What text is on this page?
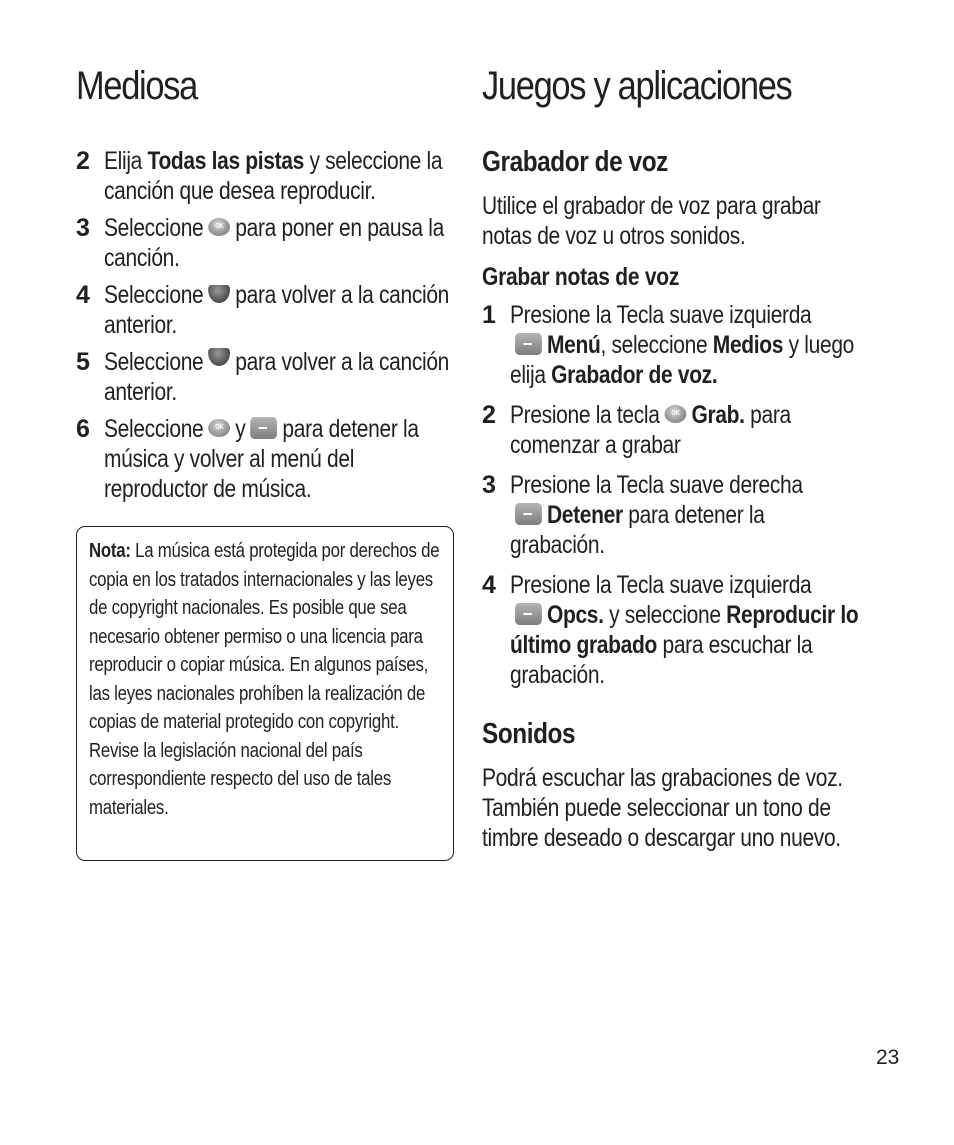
Mediosa	Juegos y aplicaciones
2 Elija Todas las pistas y seleccione la canción que desea reproducir.
3 Seleccione OK para poner en pausa la canción.
4 Seleccione para volver a la canción anterior.
5 Seleccione para volver a la canción anterior.
6 Seleccione OK y para detener la música y volver al menú del reproductor de música.
Nota: La música está protegida por derechos de copia en los tratados internacionales y las leyes de copyright nacionales. Es posible que sea necesario obtener permiso o una licencia para reproducir o copiar música. En algunos países, las leyes nacionales prohíben la realización de copias de material protegido con copyright. Revise la legislación nacional del país correspondiente respecto del uso de tales materiales.
Grabador de voz

Utilice el grabador de voz para grabar notas de voz u otros sonidos.

Grabar notas de voz
1 Presione la Tecla suave izquierda
Menú, seleccione Medios y luego elija Grabador de voz.
2 Presione la tecla OK Grab. para comenzar a grabar
3 Presione la Tecla suave derecha
Detener para detener la grabación.
4 Presione la Tecla suave izquierda
Opcs. y seleccione Reproducir lo último grabado para escuchar la grabación.
Sonidos

Podrá escuchar las grabaciones de voz. También puede seleccionar un tono de timbre deseado o descargar uno nuevo.

23
